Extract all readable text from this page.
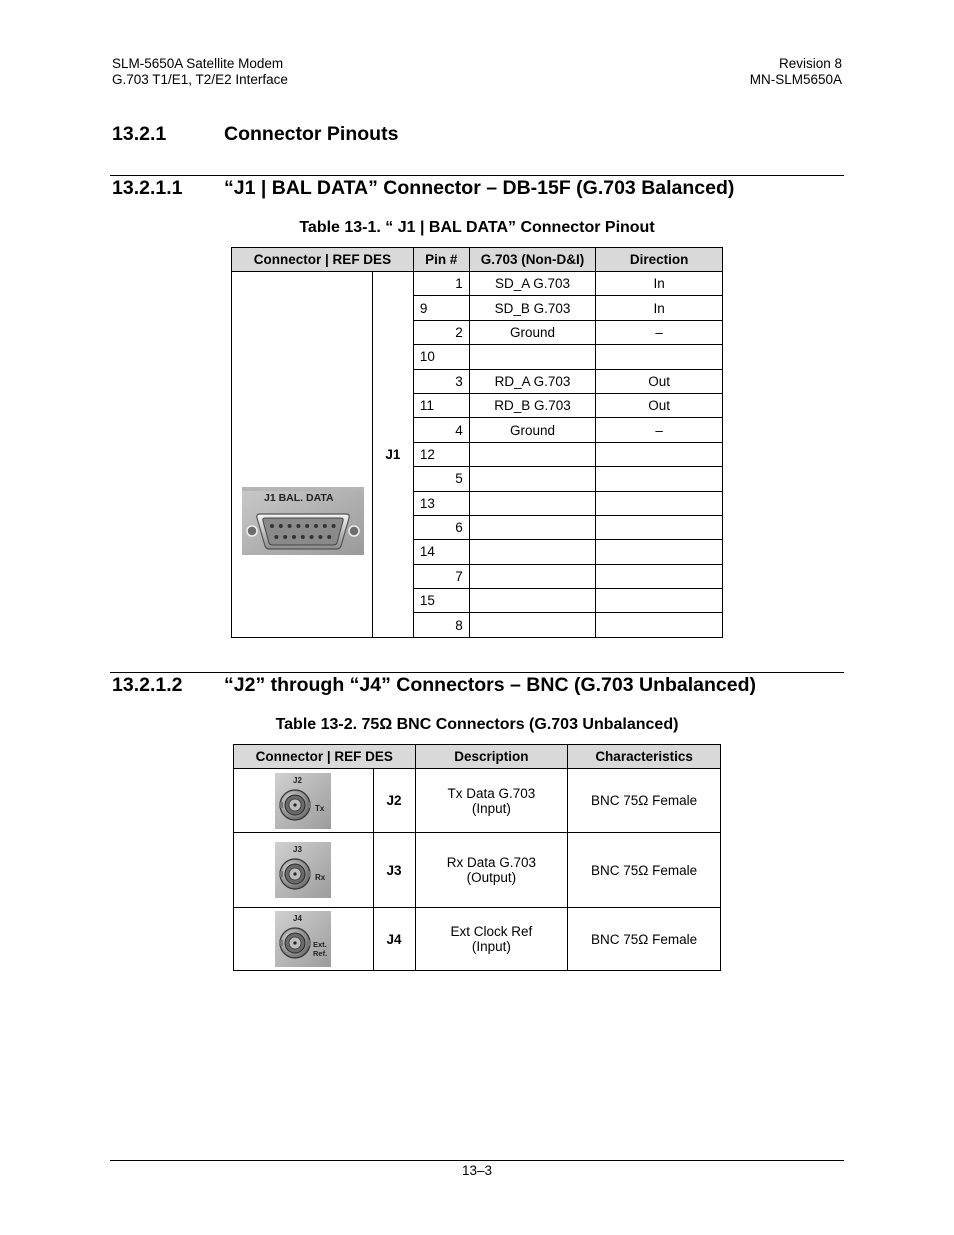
SLM-5650A Satellite Modem
G.703 T1/E1, T2/E2 Interface
Revision 8
MN-SLM5650A
13.2.1	Connector Pinouts
13.2.1.1 “J1 | BAL DATA” Connector – DB-15F (G.703 Balanced)
Table 13-1. “ J1 | BAL DATA” Connector Pinout
Connector | REF DES		Pin #	G.703 (Non-D&I)	Direction

J1 BAL. DATA	J1	1	SD_A G.703	In
		9	SD_B G.703	In
		2	Ground	–
		10		
		3	RD_A G.703	Out
		11	RD_B G.703	Out
		4	Ground	–
		12		
		5		
		13		
		6		
		14		
		7		
		15		
		8		
13.2.1.2 “J2” through “J4” Connectors – BNC (G.703 Unbalanced)
Table 13-2. 75Ω BNC Connectors (G.703 Unbalanced)
Connector | REF DES		Description	Characteristics

J2
Tx	J2	Tx Data G.703 (Input)	BNC 75Ω Female

J3
Rx	J3	Rx Data G.703 (Output)	BNC 75Ω Female

J4
Ext. Ref.	J4	Ext Clock Ref (Input)	BNC 75Ω Female
13–3
